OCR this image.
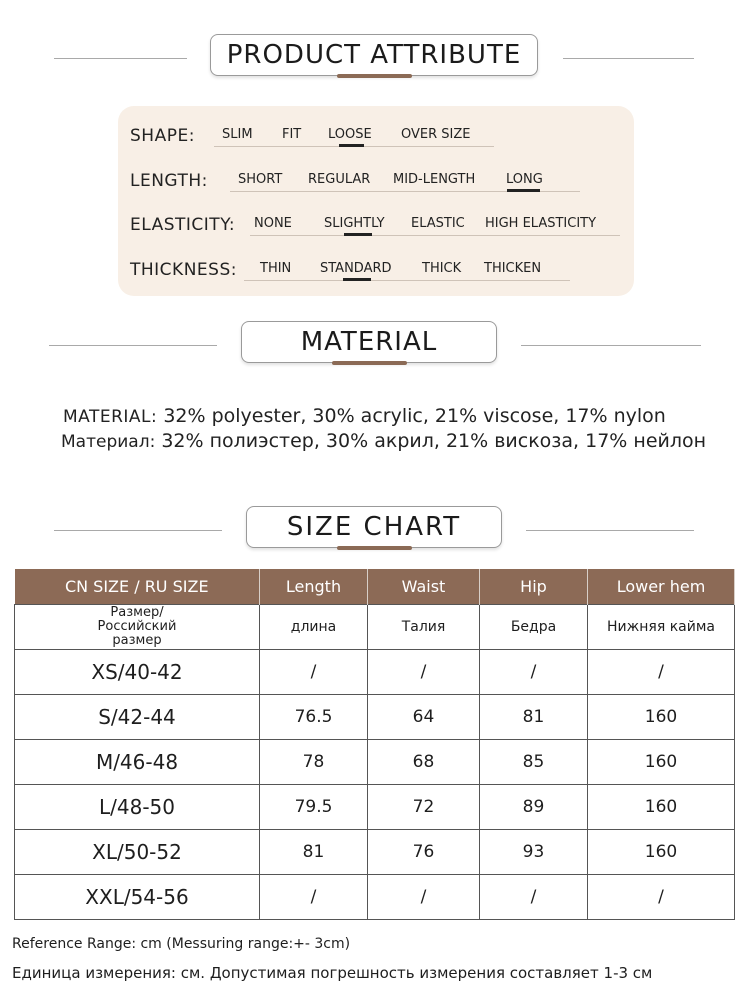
PRODUCT ATTRIBUTE
SHAPE: SLIM FIT LOOSE OVER SIZE
LENGTH: SHORT REGULAR MID-LENGTH LONG
ELASTICITY: NONE SLIGHTLY ELASTIC HIGH ELASTICITY
THICKNESS: THIN STANDARD THICK THICKEN
MATERIAL
MATERIAL: 32% polyester, 30% acrylic, 21% viscose, 17% nylon
Материал: 32% полиэстер, 30% акрил, 21% вискоза, 17% нейлон
SIZE CHART
CN SIZE / RU SIZE	Length	Waist	Hip	Lower hem
Размер/Российский размер	длина	Талия	Бедра	Нижняя кайма
XS/40-42	/	/	/	/
S/42-44	76.5	64	81	160
M/46-48	78	68	85	160
L/48-50	79.5	72	89	160
XL/50-52	81	76	93	160
XXL/54-56	/	/	/	/
Reference Range: cm (Messuring range:+- 3cm)
Единица измерения: см. Допустимая погрешность измерения составляет 1-3 см
